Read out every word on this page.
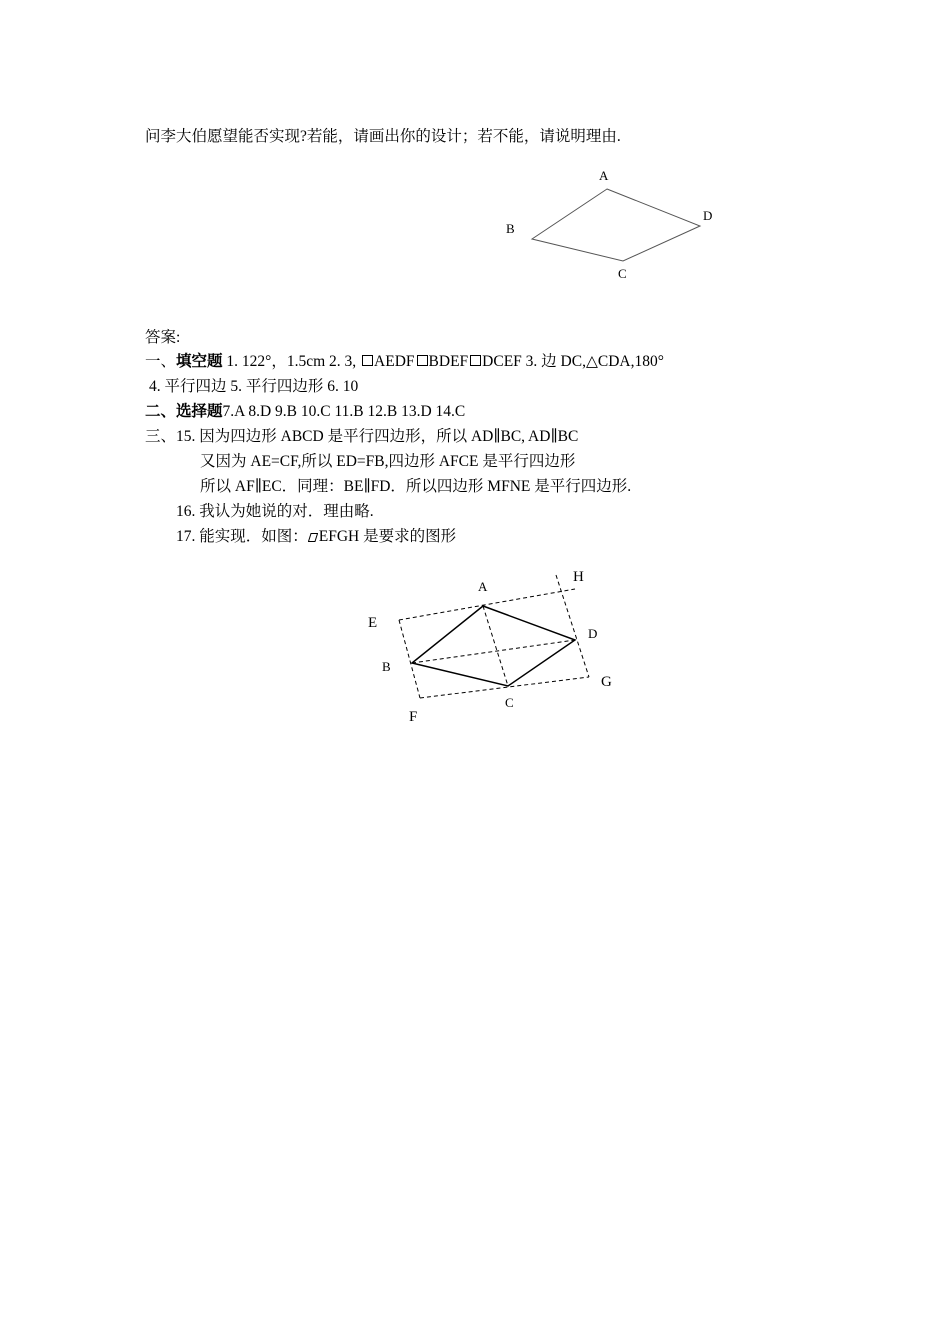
问李大伯愿望能否实现?若能，请画出你的设计；若不能，请说明理由.
A
B
C
D
答案:
一、填空题 1. 122°，1.5cm 2. 3, AEDF BDEF DCEF 3. 边 DC,△CDA,180°
4. 平行四边 5. 平行四边形 6. 10
二、选择题7.A 8.D 9.B 10.C 11.B 12.B 13.D 14.C
三、15. 因为四边形 ABCD 是平行四边形，所以 AD∥BC, AD∥BC
又因为 AE=CF,所以 ED=FB,四边形 AFCE 是平行四边形
所以 AF∥EC．同理：BE∥FD．所以四边形 MFNE 是平行四边形.
16. 我认为她说的对．理由略.
17. 能实现．如图： EFGH 是要求的图形
A
B
C
D
E
F
G
H
